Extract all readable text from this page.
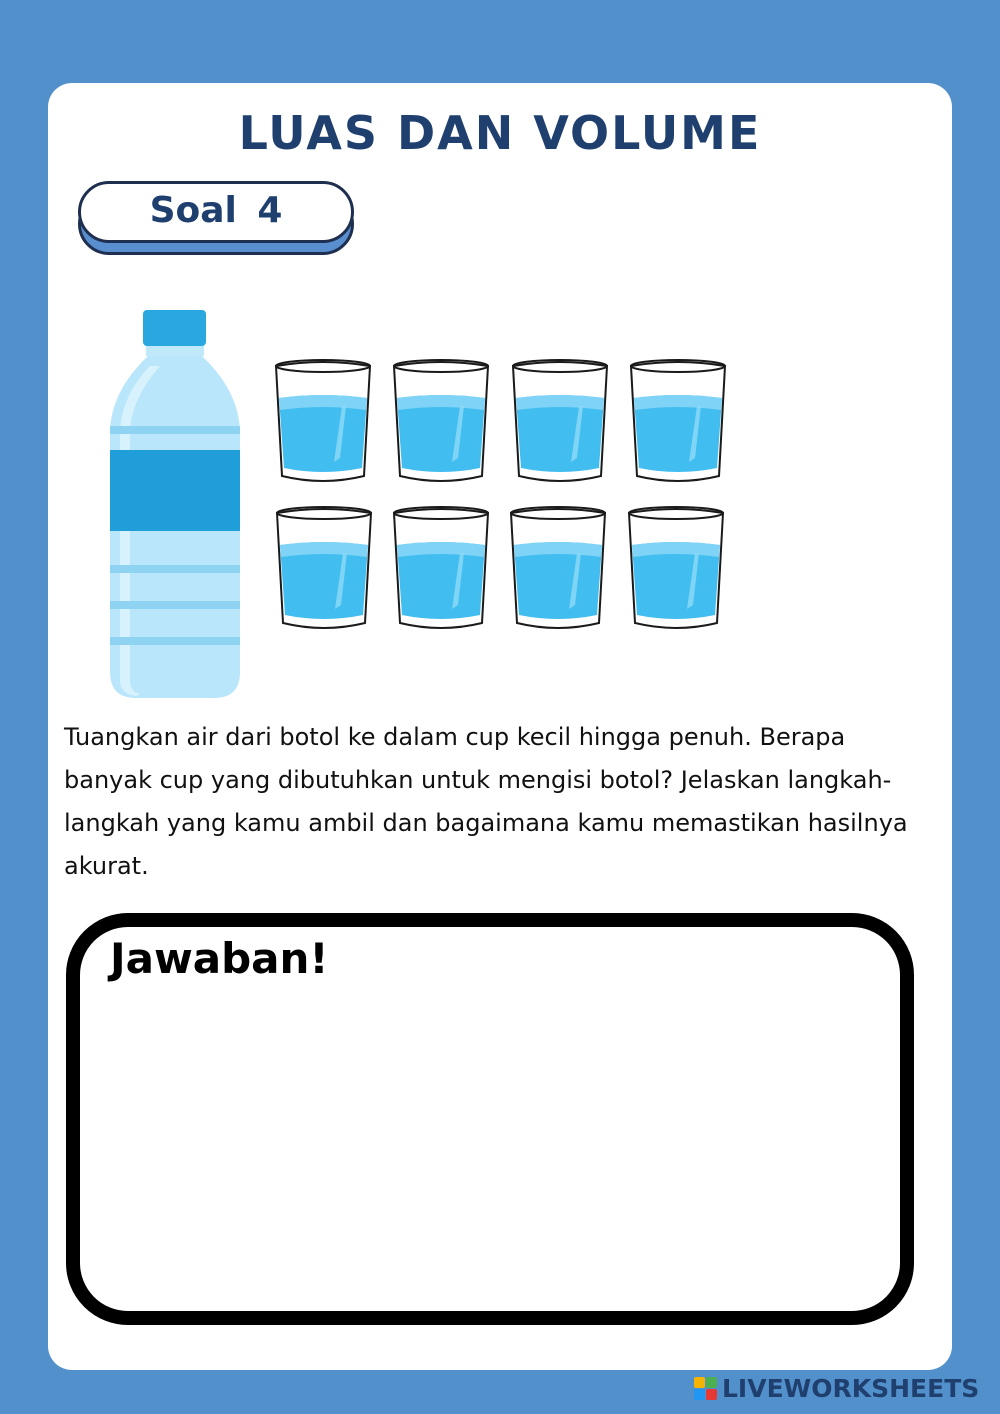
LUAS DAN VOLUME
Soal 4
Tuangkan air dari botol ke dalam cup kecil hingga penuh. Berapa banyak cup yang dibutuhkan untuk mengisi botol? Jelaskan langkah-langkah yang kamu ambil dan bagaimana kamu memastikan hasilnya akurat.
Jawaban!
LIVEWORKSHEETS
